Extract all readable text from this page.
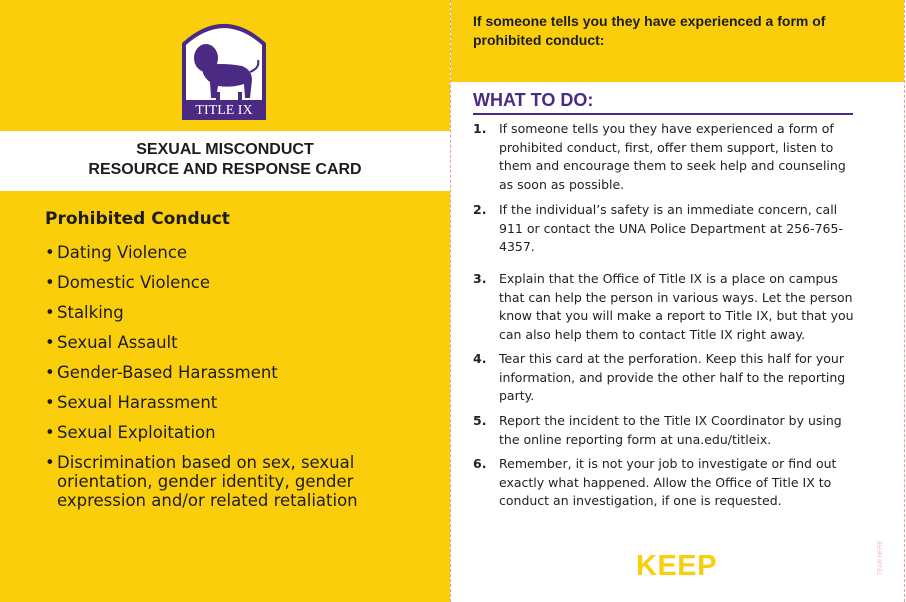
TITLE IX
SEXUAL MISCONDUCT
RESOURCE AND RESPONSE CARD
Prohibited Conduct
• Dating Violence
• Domestic Violence
• Stalking
• Sexual Assault
• Gender-Based Harassment
• Sexual Harassment
• Sexual Exploitation
• Discrimination based on sex, sexual orientation, gender identity, gender expression and/or related retaliation
If someone tells you they have experienced a form of prohibited conduct:
WHAT TO DO:
1. If someone tells you they have experienced a form of prohibited conduct, first, offer them support, listen to them and encourage them to seek help and counseling as soon as possible.
2. If the individual’s safety is an immediate concern, call 911 or contact the UNA Police Department at 256-765-4357.
3. Explain that the Office of Title IX is a place on campus that can help the person in various ways. Let the person know that you will make a report to Title IX, but that you can also help them to contact Title IX right away.
4. Tear this card at the perforation. Keep this half for your information, and provide the other half to the reporting party.
5. Report the incident to the Title IX Coordinator by using the online reporting form at una.edu/titleix.
6. Remember, it is not your job to investigate or find out exactly what happened. Allow the Office of Title IX to conduct an investigation, if one is requested.
KEEP	TEAR HERE
